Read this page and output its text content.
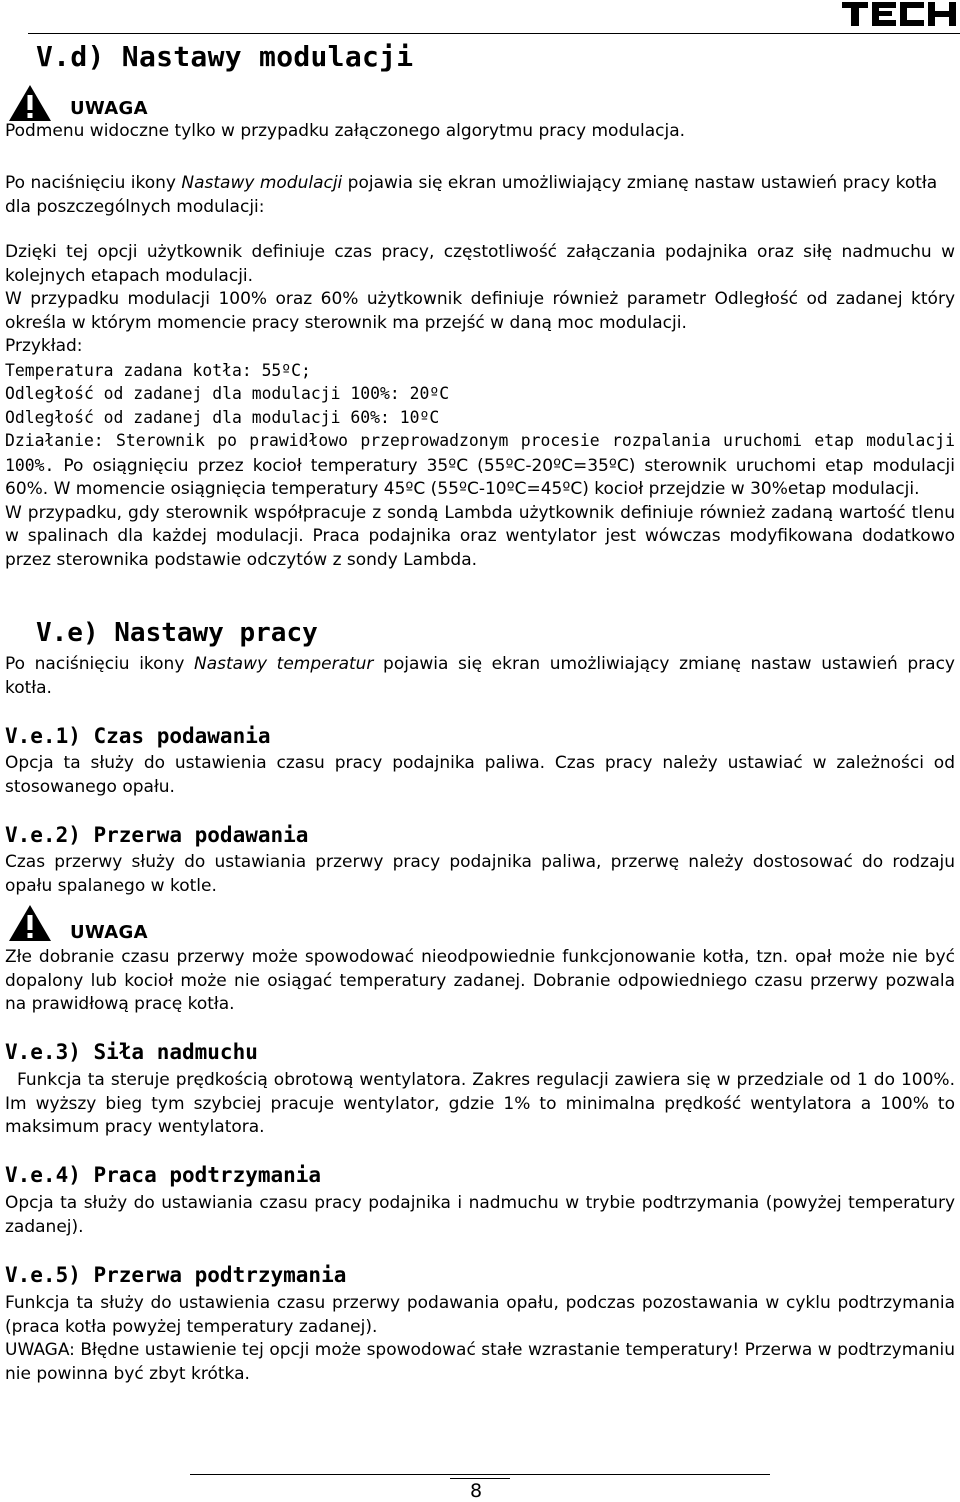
V.d) Nastawy modulacji
UWAGA

Podmenu widoczne tylko w przypadku załączonego algorytmu pracy modulacja.

Po naciśnięciu ikony Nastawy modulacji pojawia się ekran umożliwiający zmianę nastaw ustawień pracy kotła dla poszczególnych modulacji:

Dzięki tej opcji użytkownik definiuje czas pracy, częstotliwość załączania podajnika oraz siłę nadmuchu w kolejnych etapach modulacji.

W przypadku modulacji 100% oraz 60% użytkownik definiuje również parametr Odległość od zadanej który określa w którym momencie pracy sterownik ma przejść w daną moc modulacji.

Przykład:

Temperatura zadana kotła: 55ºC;

Odległość od zadanej dla modulacji 100%: 20ºC

Odległość od zadanej dla modulacji 60%: 10ºC

Działanie: Sterownik po prawidłowo przeprowadzonym procesie rozpalania uruchomi etap modulacji 100%. Po osiągnięciu przez kocioł temperatury 35ºC (55ºC-20ºC=35ºC) sterownik uruchomi etap modulacji 60%. W momencie osiągnięcia temperatury 45ºC (55ºC-10ºC=45ºC) kocioł przejdzie w 30%etap modulacji.

W przypadku, gdy sterownik współpracuje z sondą Lambda użytkownik definiuje również zadaną wartość tlenu w spalinach dla każdej modulacji. Praca podajnika oraz wentylator jest wówczas modyfikowana dodatkowo przez sterownika podstawie odczytów z sondy Lambda.

V.e) Nastawy pracy

Po naciśnięciu ikony Nastawy temperatur pojawia się ekran umożliwiający zmianę nastaw ustawień pracy kotła.

V.e.1) Czas podawania

Opcja ta służy do ustawienia czasu pracy podajnika paliwa. Czas pracy należy ustawiać w zależności od stosowanego opału.

V.e.2) Przerwa podawania

Czas przerwy służy do ustawiania przerwy pracy podajnika paliwa, przerwę należy dostosować do rodzaju opału spalanego w kotle.

UWAGA

Złe dobranie czasu przerwy może spowodować nieodpowiednie funkcjonowanie kotła, tzn. opał może nie być dopalony lub kocioł może nie osiągać temperatury zadanej. Dobranie odpowiedniego czasu przerwy pozwala na prawidłową pracę kotła.

V.e.3) Siła nadmuchu

Funkcja ta steruje prędkością obrotową wentylatora. Zakres regulacji zawiera się w przedziale od 1 do 100%. Im wyższy bieg tym szybciej pracuje wentylator, gdzie 1% to minimalna prędkość wentylatora a 100% to maksimum pracy wentylatora.

V.e.4) Praca podtrzymania

Opcja ta służy do ustawiania czasu pracy podajnika i nadmuchu w trybie podtrzymania (powyżej temperatury zadanej).

V.e.5) Przerwa podtrzymania

Funkcja ta służy do ustawienia czasu przerwy podawania opału, podczas pozostawania w cyklu podtrzymania (praca kotła powyżej temperatury zadanej).

UWAGA: Błędne ustawienie tej opcji może spowodować stałe wzrastanie temperatury! Przerwa w podtrzymaniu nie powinna być zbyt krótka.

8
